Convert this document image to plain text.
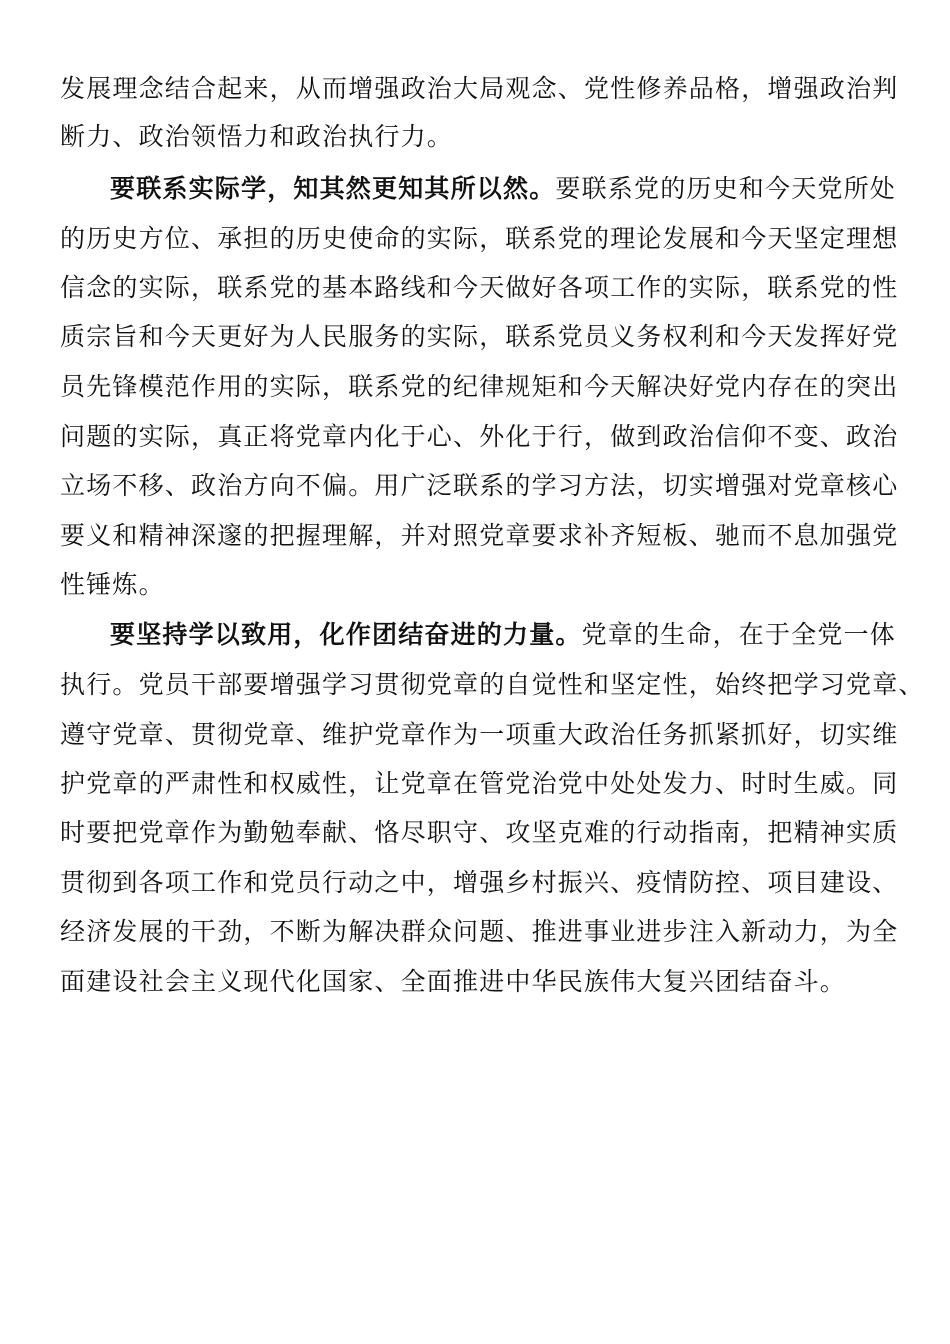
发展理念结合起来，从而增强政治大局观念、党性修养品格，增强政治判
断力、政治领悟力和政治执行力。
要联系实际学，知其然更知其所以然。要联系党的历史和今天党所处
的历史方位、承担的历史使命的实际，联系党的理论发展和今天坚定理想
信念的实际，联系党的基本路线和今天做好各项工作的实际，联系党的性
质宗旨和今天更好为人民服务的实际，联系党员义务权利和今天发挥好党
员先锋模范作用的实际，联系党的纪律规矩和今天解决好党内存在的突出
问题的实际，真正将党章内化于心、外化于行，做到政治信仰不变、政治
立场不移、政治方向不偏。用广泛联系的学习方法，切实增强对党章核心
要义和精神深邃的把握理解，并对照党章要求补齐短板、驰而不息加强党
性锤炼。
要坚持学以致用，化作团结奋进的力量。党章的生命，在于全党一体
执行。党员干部要增强学习贯彻党章的自觉性和坚定性，始终把学习党章、
遵守党章、贯彻党章、维护党章作为一项重大政治任务抓紧抓好，切实维
护党章的严肃性和权威性，让党章在管党治党中处处发力、时时生威。同
时要把党章作为勤勉奉献、恪尽职守、攻坚克难的行动指南，把精神实质
贯彻到各项工作和党员行动之中，增强乡村振兴、疫情防控、项目建设、
经济发展的干劲，不断为解决群众问题、推进事业进步注入新动力，为全
面建设社会主义现代化国家、全面推进中华民族伟大复兴团结奋斗。
